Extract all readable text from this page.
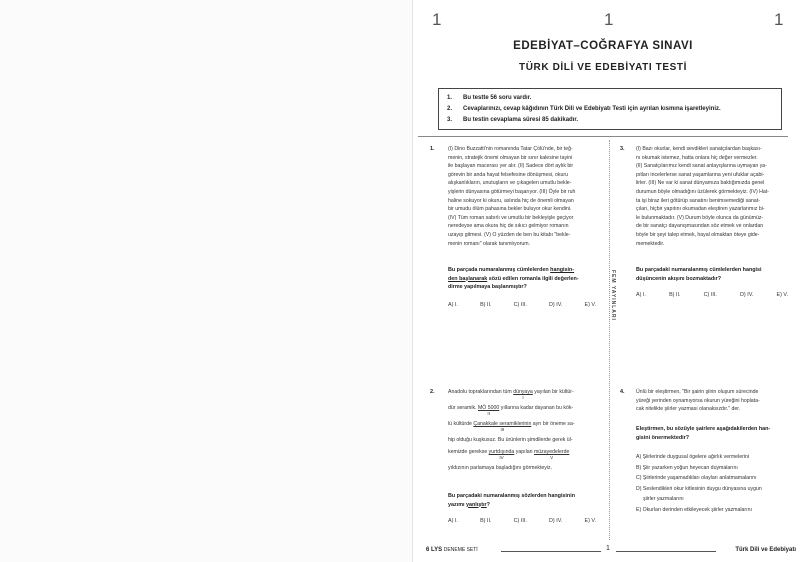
1	1	1
EDEBİYAT–COĞRAFYA SINAVI
TÜRK DİLİ VE EDEBİYATI TESTİ
1. Bu testte 56 soru vardır.
2. Cevaplarınızı, cevap kâğıdının Türk Dili ve Edebiyatı Testi için ayrılan kısmına işaretleyiniz.
3. Bu testin cevaplama süresi 85 dakikadır.
FEM YAYINLARI
1.	(I) Dino Buzzatti'nin romanında Tatar Çölü'nde, bir teğ-
menin, stratejik önemi olmayan bir sınır kalesine tayini
ile başlayan macerası yer alır. (II) Sadece dört aylık bir
görevin bir anda hayat felsefesine dönüşmesi, okuru
alışkanlıkların, unutuşların ve çıkagelen umutlu bekle-
yişlerin dünyasına götürmeyi başarıyor. (III) Öyle bir ruh
haline sokuyor ki okuru, aslında hiç de önemli olmayan
bir umudu ölüm pahasına bekler buluyor okur kendini.
(IV) Tüm roman sabırlı ve umutlu bir bekleyişle geçiyor
neredeyse ama okura hiç de sıkıcı gelmiyor romanın
uzayıp gitmesi. (V) O yüzden de ben bu kitabı "bekle-
menin romanı" olarak tanımlıyorum.
Bu parçada numaralanmış cümlelerden hangisin-
den başlanarak sözü edilen romanla ilgili değerlen-
dirme yapılmaya başlanmıştır?
A) I.	B) II.	C) III.	D) IV.	E) V.
2.	Anadolu topraklarından tüm dünyaya
I
yayılan bir kültür-
dür seramik. MÖ 5000
II
yıllarına kadar dayanan bu kök-
lü kültürde Çanakkale seramiklerinin
III
ayrı bir öneme sa-
hip olduğu kuşkusuz. Bu ürünlerin şimdilerde gerek ül-
kemizde gerekse yurtdışında
IV
yapılan müzayedelerde
V
yıldızının parlamaya başladığını görmekteyiz.
Bu parçadaki numaralanmış sözlerden hangisinin
yazımı yanlıştır?
A) I.	B) II.	C) III.	D) IV.	E) V.
3. (I) Bazı okurlar, kendi sevdikleri sanatçılardan başkası-
nı okumak istemez, hatta onlara hiç değer vermezler.
(II) Sanatçılarımız kendi sanat anlayışlarına uymayan ya-
pıtları incelerlerse sanat yaşamlarına yeni ufuklar açabi-
lirler. (III) Ne var ki sanat dünyamıza baktığımızda genel
durumun böyle olmadığını üzülerek görmekteyiz. (IV) Hat-
ta işi biraz ileri götürüp sanatını benimsemediği sanat-
çıları, hiçbir yapıtını okumadan eleştiren yazarlarımız bi-
le bulunmaktadır. (V) Durum böyle olunca da günümüz-
de bir sanatçı dayanışmasından söz etmek ve onlardan
böyle bir şeyi talep etmek, hayal olmaktan öteye gide-
memektedir.
Bu parçadaki numaralanmış cümlelerden hangisi
düşüncenin akışını bozmaktadır?
A) I.	B) II.	C) III.	D) IV.	E) V.
4. Ünlü bir eleştirmen, "Bir şairin şiirin oluşum sürecinde
yüreği yerinden oynamıyorsa okurun yüreğini hoplata-
cak nitelikte şiirler yazması olanaksızdır." der.
Eleştirmen, bu sözüyle şairlere aşağıdakilerden han-
gisini önermektedir?
A) Şiirlerinde duygusal ögelere ağırlık vermelerini
B) Şiir yazarken yoğun heyecan duymalarını
C) Şiirlerinde yaşamadıkları olayları anlatmamalarını
D) Seslendikleri okur kitlesinin duygu dünyasına uygun
şiirler yazmalarını
E) Okurları derinden etkileyecek şiirler yazmalarını
6 LYS DENEME SETİ	1	Türk Dili ve Edebiyatı
